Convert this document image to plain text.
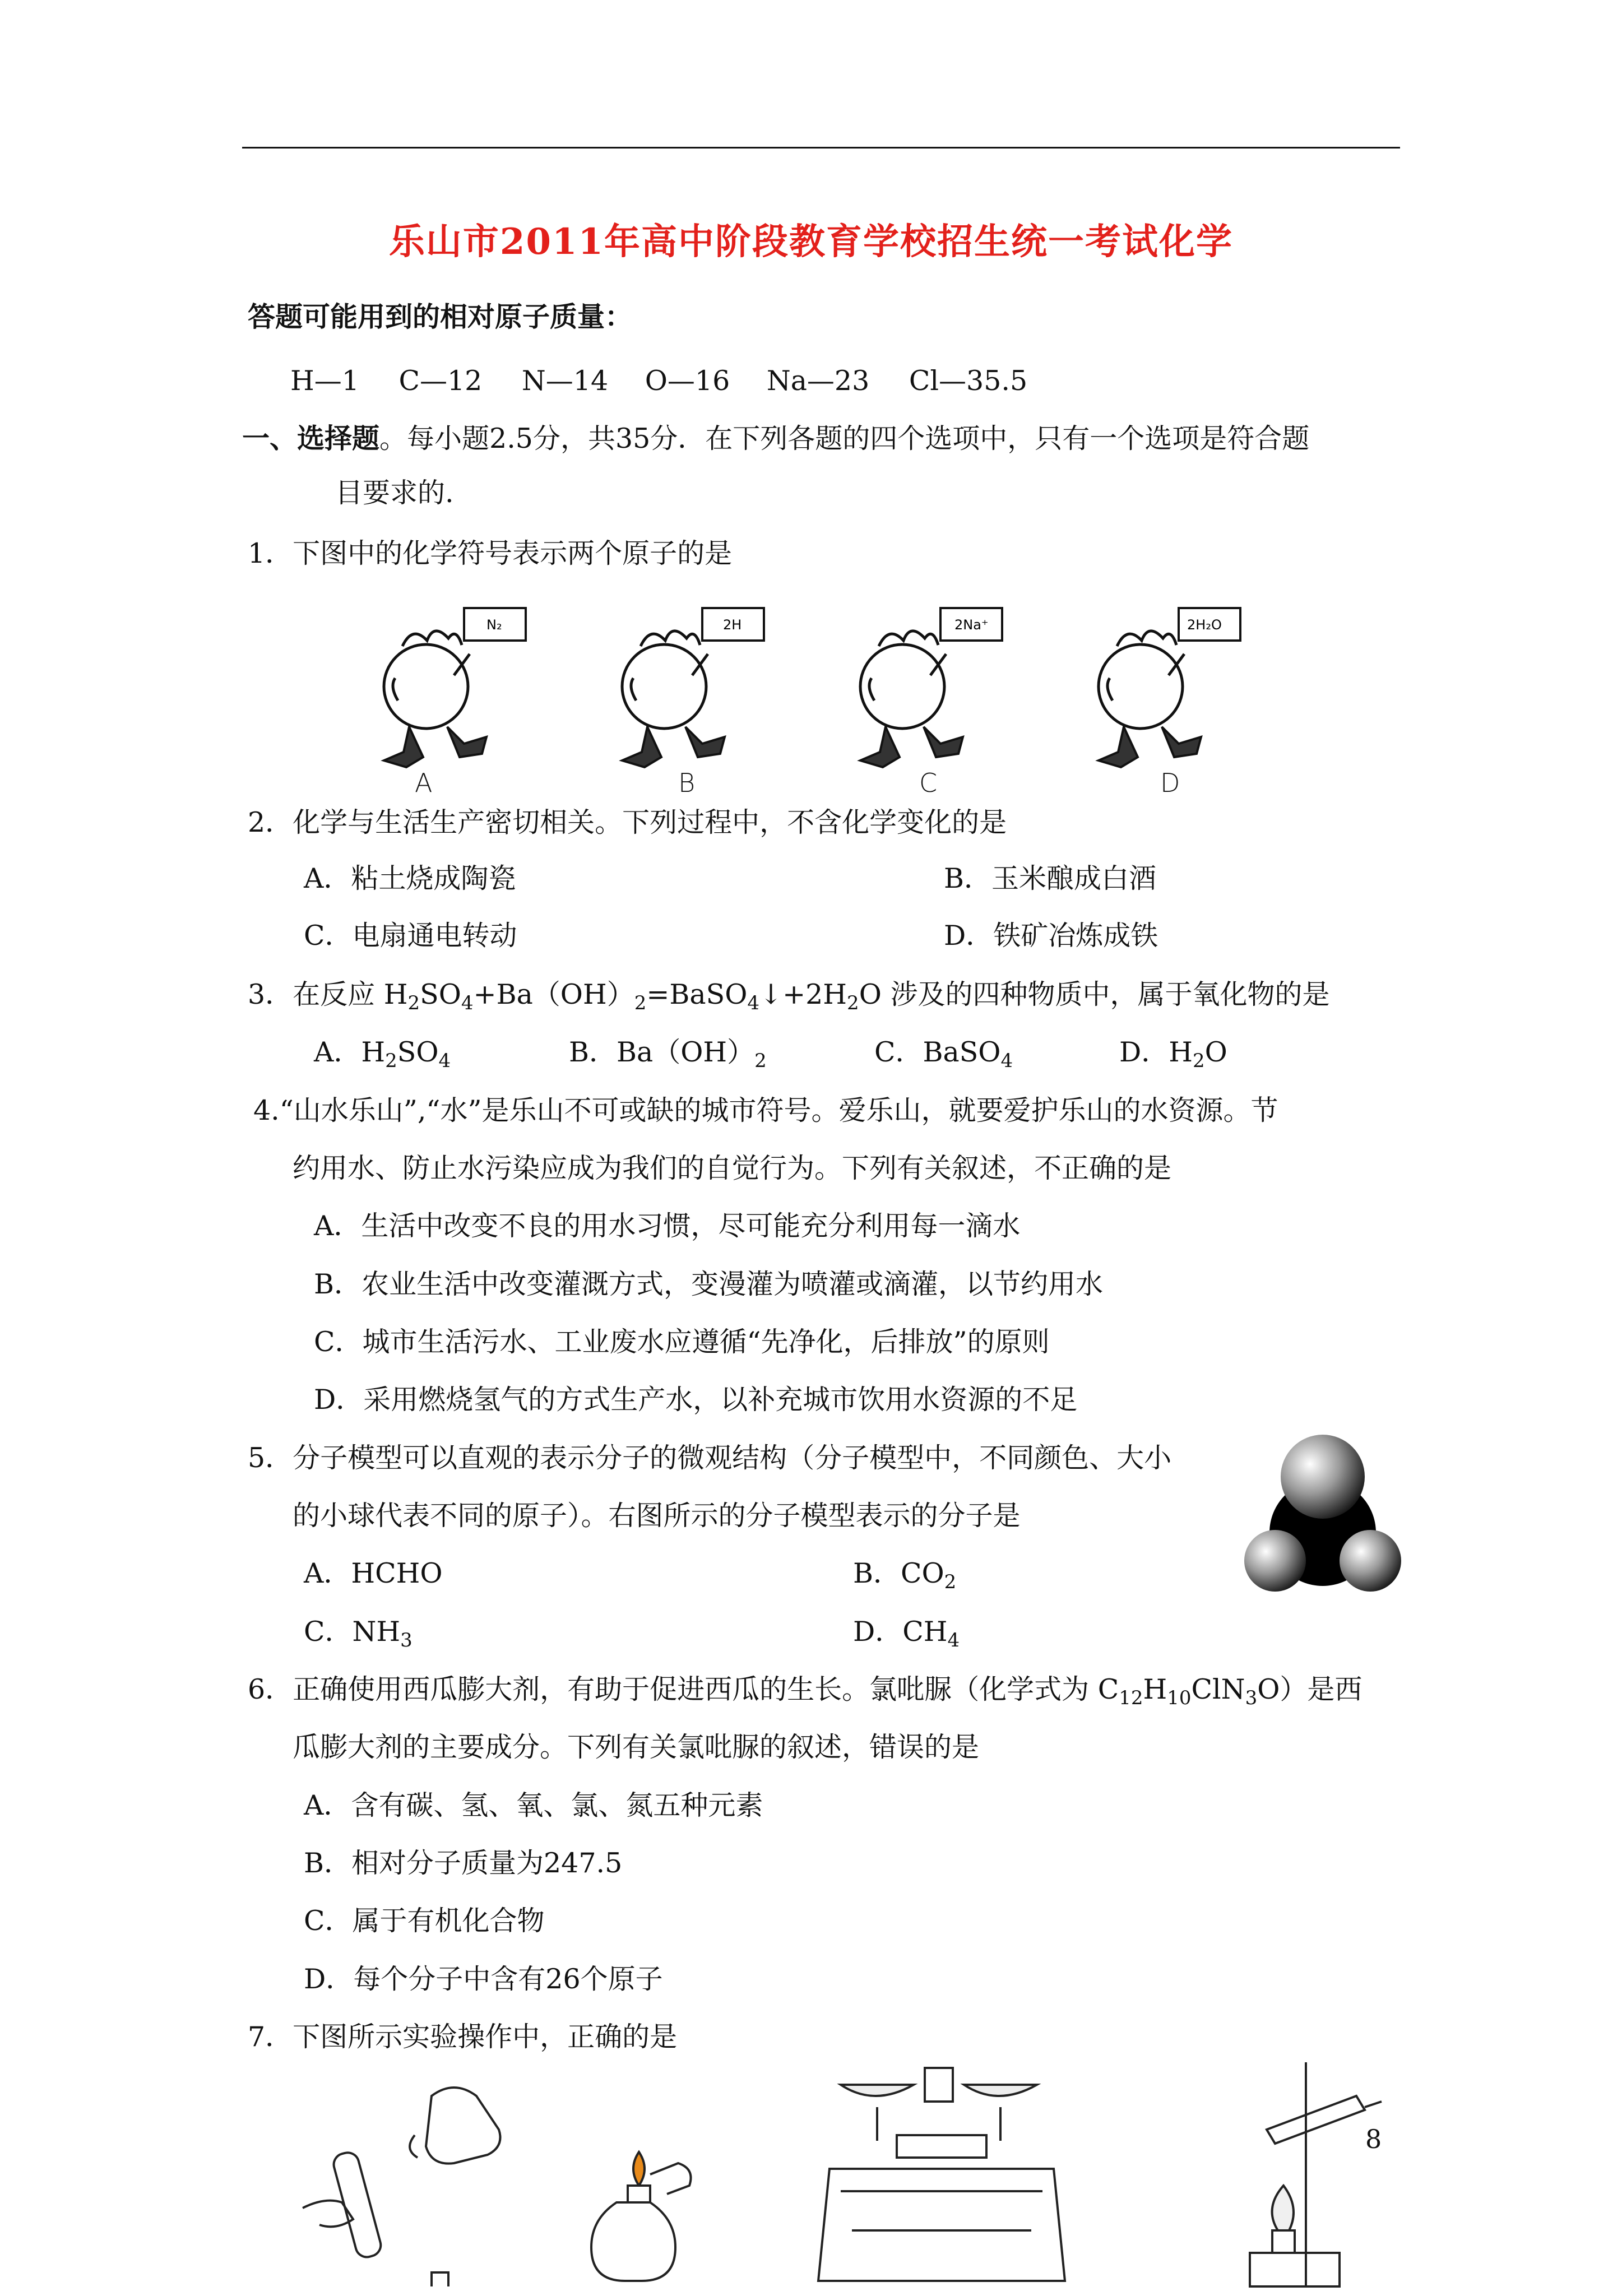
乐山市2011年高中阶段教育学校招生统一考试化学
答题可能用到的相对原子质量：
H—1 C—12 N—14 O—16 Na—23 Cl—35.5
一、选择题。每小题2.5分，共35分．在下列各题的四个选项中，只有一个选项是符合题
目要求的.
1．下图中的化学符号表示两个原子的是
N₂	2H	2Na⁺	2H₂O
A	B	C	D
2．化学与生活生产密切相关。下列过程中，不含化学变化的是
A．粘土烧成陶瓷	B．玉米酿成白酒
C．电扇通电转动	D．铁矿冶炼成铁
3．在反应 $H_2SO_4+Ba(OH)_2=BaSO_4↓+2H_2O$ 涉及的四种物质中，属于氧化物的是
A．$H_2SO_4$	B．$Ba(OH)_2$	C．BaSO$_4$	D．$H_2O$
4.“山水乐山”,“水”是乐山不可或缺的城市符号。爱乐山，就要爱护乐山的水资源。节
约用水、防止水污染应成为我们的自觉行为。下列有关叙述，不正确的是
A．生活中改变不良的用水习惯，尽可能充分利用每一滴水
B．农业生活中改变灌溉方式，变漫灌为喷灌或滴灌，以节约用水
C．城市生活污水、工业废水应遵循“先净化，后排放”的原则
D．采用燃烧氢气的方式生产水，以补充城市饮用水资源的不足
5．分子模型可以直观的表示分子的微观结构（分子模型中，不同颜色、大小
的小球代表不同的原子）。右图所示的分子模型表示的分子是
A．HCHO	B．$CO_2$
C．$NH_3$	D．$CH_4$
6．正确使用西瓜膨大剂，有助于促进西瓜的生长。氯吡脲（化学式为 $C_{12}H_{10}ClN_3O$）是西
瓜膨大剂的主要成分。下列有关氯吡脲的叙述，错误的是
A．含有碳、氢、氧、氯、氮五种元素
B．相对分子质量为247.5
C．属于有机化合物
D．每个分子中含有26个原子
7．下图所示实验操作中，正确的是
8
